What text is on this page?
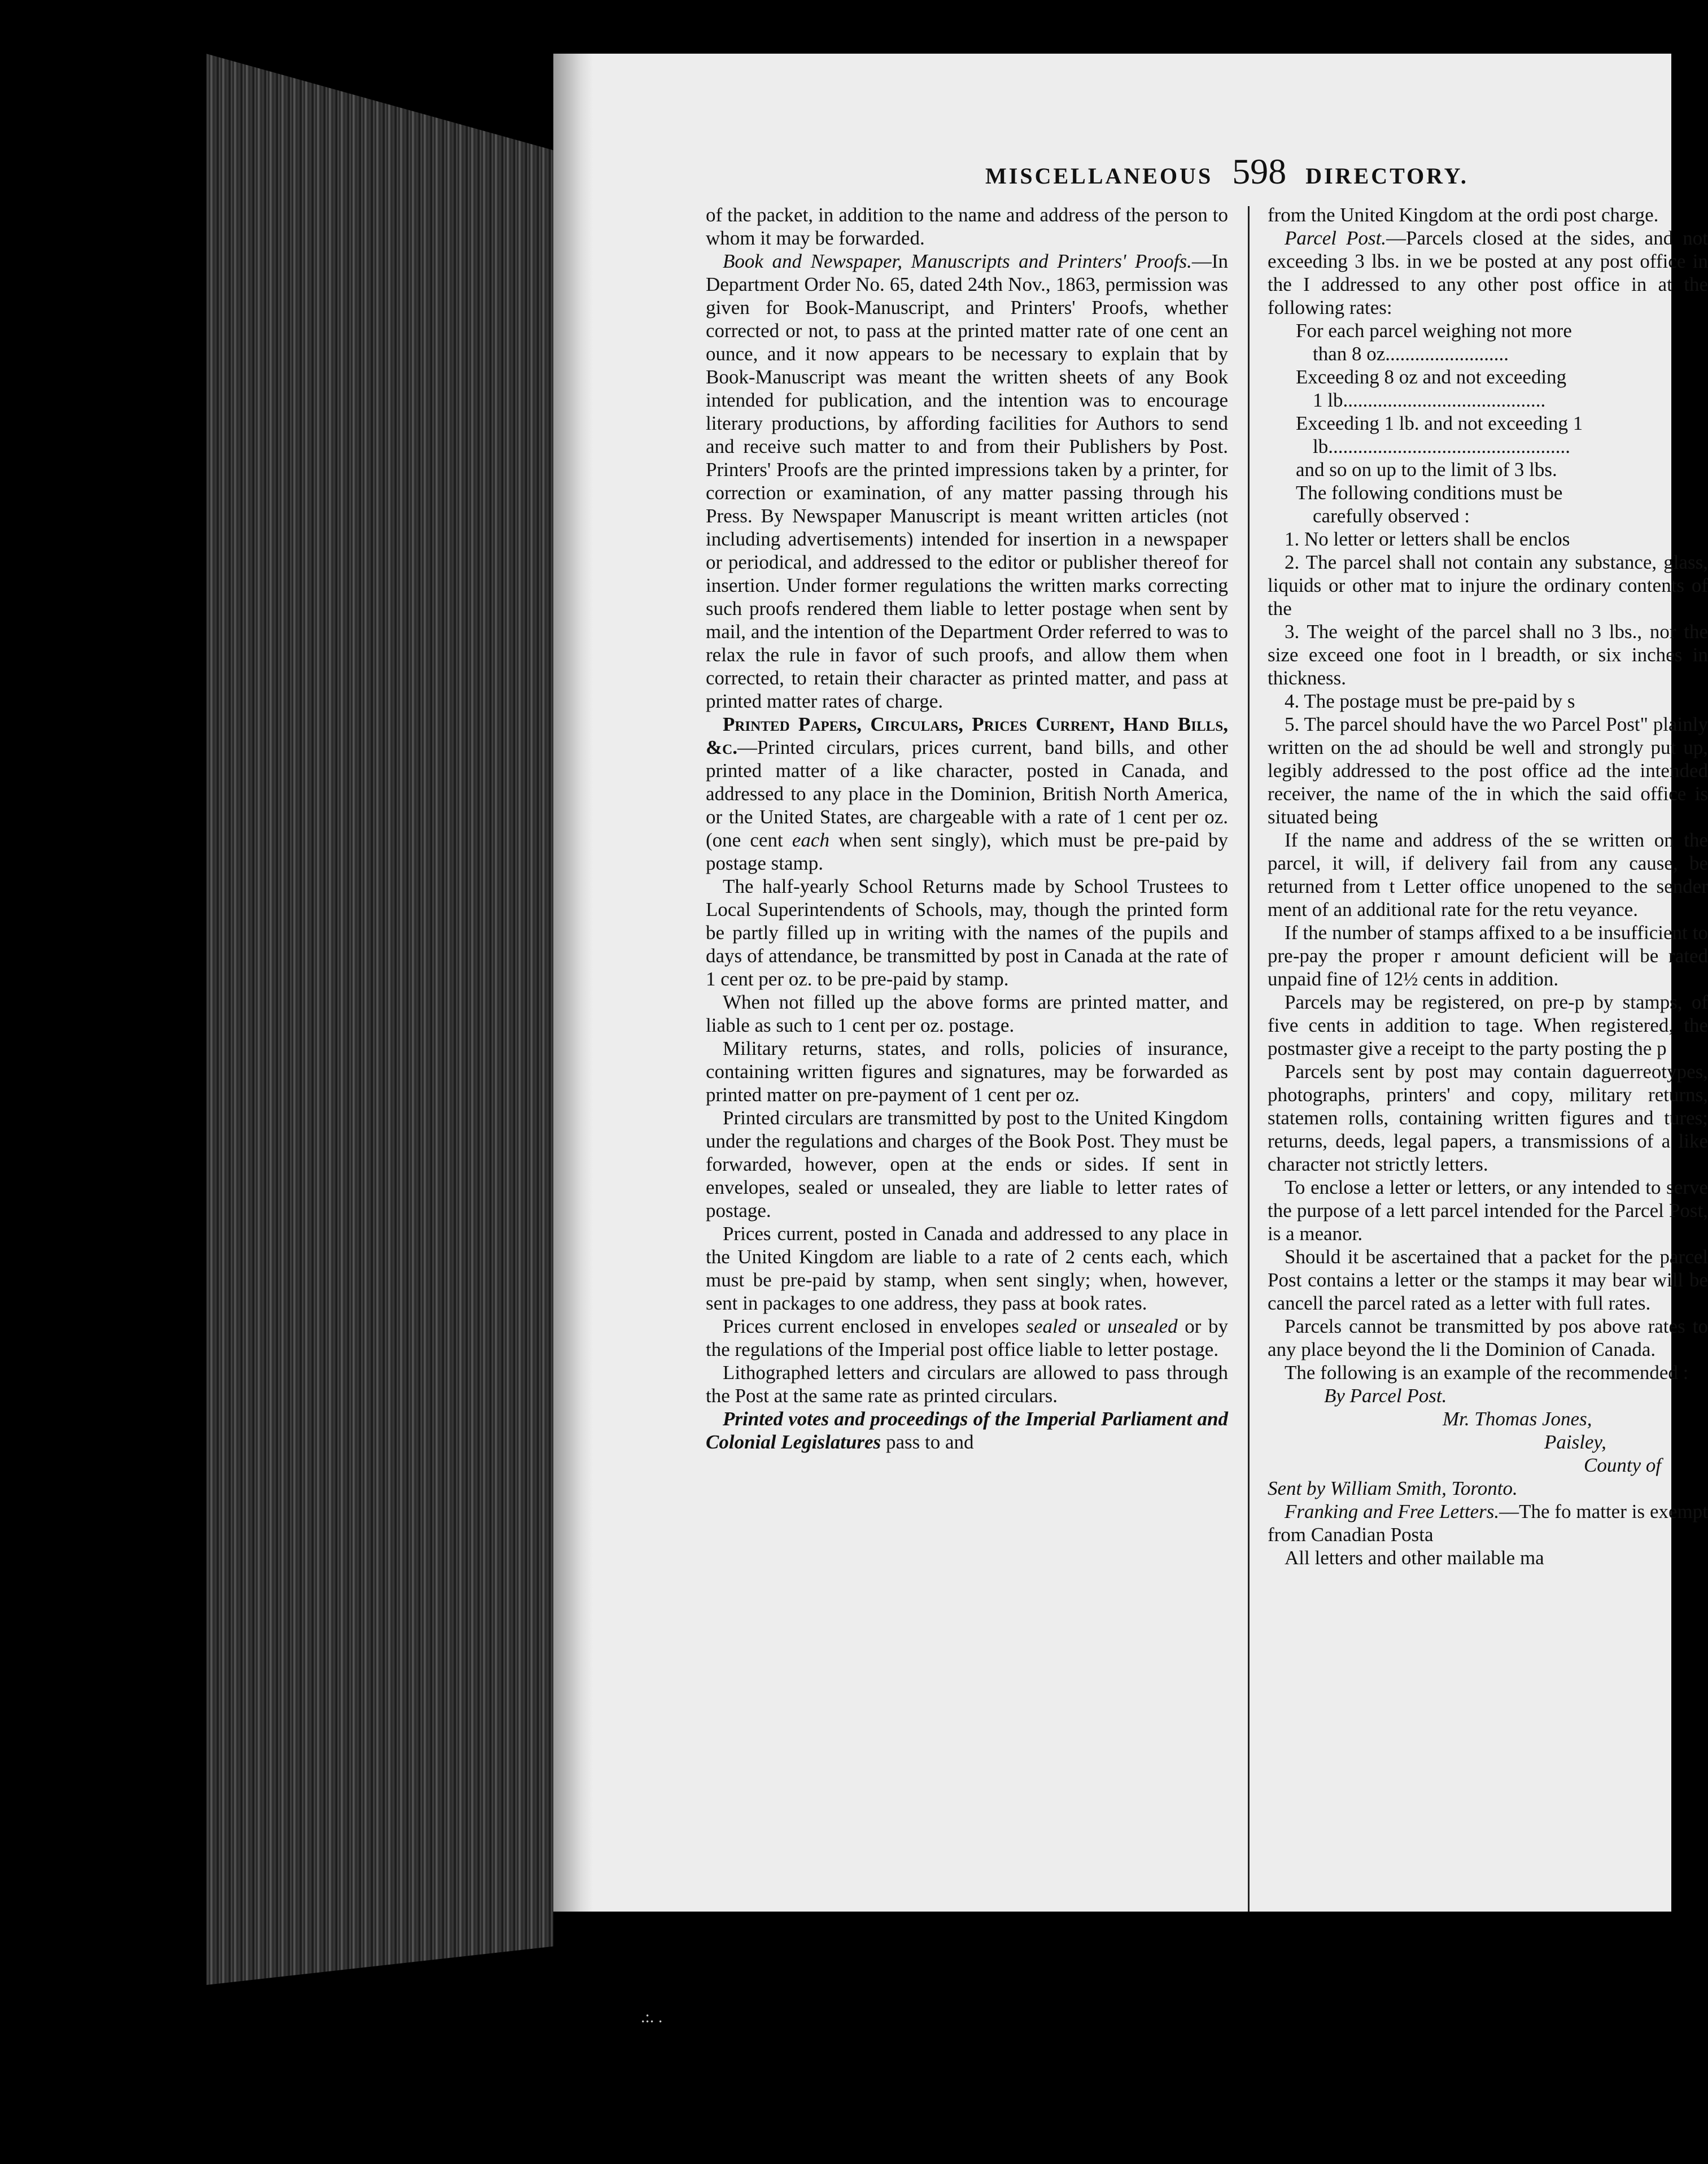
MISCELLANEOUS 598 DIRECTORY.

of the packet, in addition to the name and address of the person to whom it may be forwarded.

Book and Newspaper, Manuscripts and Printers' Proofs.—In Department Order No. 65, dated 24th Nov., 1863, permission was given for Book-Manuscript, and Printers' Proofs, whether corrected or not, to pass at the printed matter rate of one cent an ounce, and it now appears to be necessary to explain that by Book-Manuscript was meant the written sheets of any Book intended for publication, and the intention was to encourage literary productions, by affording facilities for Authors to send and receive such matter to and from their Publishers by Post. Printers' Proofs are the printed impressions taken by a printer, for correction or examination, of any matter passing through his Press. By Newspaper Manuscript is meant written articles (not including advertisements) intended for insertion in a newspaper or periodical, and addressed to the editor or publisher thereof for insertion. Under former regulations the written marks correcting such proofs rendered them liable to letter postage when sent by mail, and the intention of the Department Order referred to was to relax the rule in favor of such proofs, and allow them when corrected, to retain their character as printed matter, and pass at printed matter rates of charge.

Printed Papers, Circulars, Prices Current, Hand Bills, &c.—Printed circulars, prices current, band bills, and other printed matter of a like character, posted in Canada, and addressed to any place in the Dominion, British North America, or the United States, are chargeable with a rate of 1 cent per oz. (one cent each when sent singly), which must be pre-paid by postage stamp.

The half-yearly School Returns made by School Trustees to Local Superintendents of Schools, may, though the printed form be partly filled up in writing with the names of the pupils and days of attendance, be transmitted by post in Canada at the rate of 1 cent per oz. to be pre-paid by stamp.

When not filled up the above forms are printed matter, and liable as such to 1 cent per oz. postage.

Military returns, states, and rolls, policies of insurance, containing written figures and signatures, may be forwarded as printed matter on pre-payment of 1 cent per oz.

Printed circulars are transmitted by post to the United Kingdom under the regulations and charges of the Book Post. They must be forwarded, however, open at the ends or sides. If sent in envelopes, sealed or unsealed, they are liable to letter rates of postage.

Prices current, posted in Canada and addressed to any place in the United Kingdom are liable to a rate of 2 cents each, which must be pre-paid by stamp, when sent singly; when, however, sent in packages to one address, they pass at book rates.

Prices current enclosed in envelopes sealed or unsealed or by the regulations of the Imperial post office liable to letter postage.

Lithographed letters and circulars are allowed to pass through the Post at the same rate as printed circulars.

Printed votes and proceedings of the Imperial Parliament and Colonial Legislatures pass to and

from the United Kingdom at the ordi post charge.

Parcel Post.—Parcels closed at the sides, and not exceeding 3 lbs. in we be posted at any post office in the I addressed to any other post office in at the following rates:

For each parcel weighing not more

than 8 oz.........................

Exceeding 8 oz and not exceeding

1 lb.........................................

Exceeding 1 lb. and not exceeding 1

lb.................................................

and so on up to the limit of 3 lbs.

The following conditions must be

carefully observed :

1. No letter or letters shall be enclos

2. The parcel shall not contain any substance, glass, liquids or other mat to injure the ordinary contents of the

3. The weight of the parcel shall no 3 lbs., nor the size exceed one foot in l breadth, or six inches in thickness.

4. The postage must be pre-paid by s

5. The parcel should have the wo Parcel Post" plainly written on the ad should be well and strongly put up, legibly addressed to the post office ad the intended receiver, the name of the in which the said office is situated being

If the name and address of the se written on the parcel, it will, if delivery fail from any cause, be returned from t Letter office unopened to the sender ment of an additional rate for the retu veyance.

If the number of stamps affixed to a be insufficient to pre-pay the proper r amount deficient will be rated unpaid fine of 12½ cents in addition.

Parcels may be registered, on pre-p by stamps, of five cents in addition to tage. When registered, the postmaster give a receipt to the party posting the p

Parcels sent by post may contain daguerreotypes, photographs, printers' and copy, military returns, statemen rolls, containing written figures and tures; returns, deeds, legal papers, a transmissions of a like character not strictly letters.

To enclose a letter or letters, or any intended to serve the purpose of a lett parcel intended for the Parcel Post, is a meanor.

Should it be ascertained that a packet for the parcel Post contains a letter or the stamps it may bear will be cancell the parcel rated as a letter with full rates.

Parcels cannot be transmitted by pos above rates to any place beyond the li the Dominion of Canada.

The following is an example of the recommended :

By Parcel Post.

Mr. Thomas Jones,

Paisley,

County of

Sent by William Smith, Toronto.

Franking and Free Letters.—The fo matter is exempt from Canadian Posta

All letters and other mailable ma

.:. .
